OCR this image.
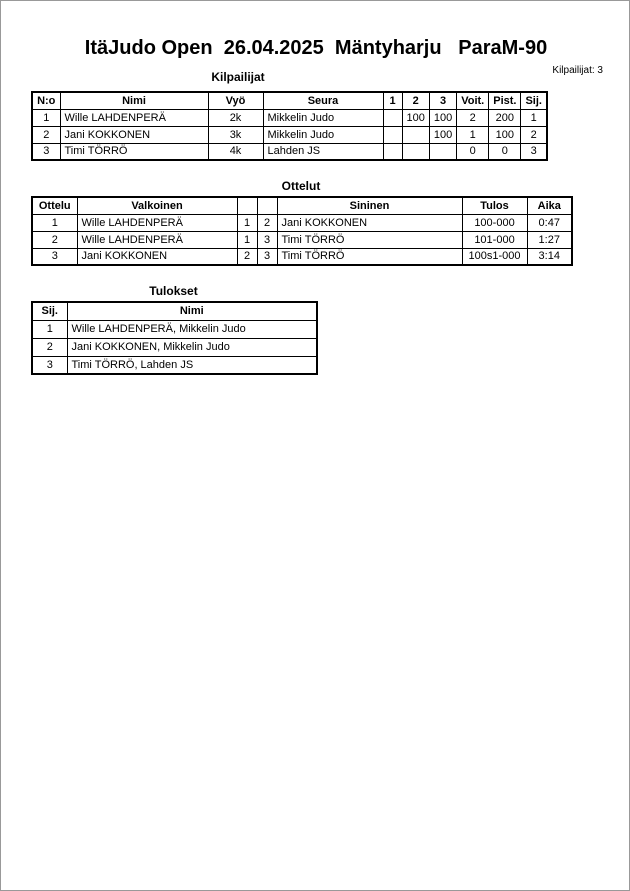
ItäJudo Open  26.04.2025  Mäntyharju   ParaM-90
Kilpailijat: 3
Kilpailijat
N:o	Nimi	Vyö	Seura	1	2	3	Voit.	Pist.	Sij.
1	Wille LAHDENPERÄ	2k	Mikkelin Judo		100	100	2	200	1
2	Jani KOKKONEN	3k	Mikkelin Judo			100	1	100	2
3	Timi TÖRRÖ	4k	Lahden JS				0	0	3
Ottelut
Ottelu	Valkoinen			Sininen	Tulos	Aika
1	Wille LAHDENPERÄ	1	2	Jani KOKKONEN	100-000	0:47
2	Wille LAHDENPERÄ	1	3	Timi TÖRRÖ	101-000	1:27
3	Jani KOKKONEN	2	3	Timi TÖRRÖ	100s1-000	3:14
Tulokset
Sij.	Nimi
1	Wille LAHDENPERÄ, Mikkelin Judo
2	Jani KOKKONEN, Mikkelin Judo
3	Timi TÖRRÖ, Lahden JS
